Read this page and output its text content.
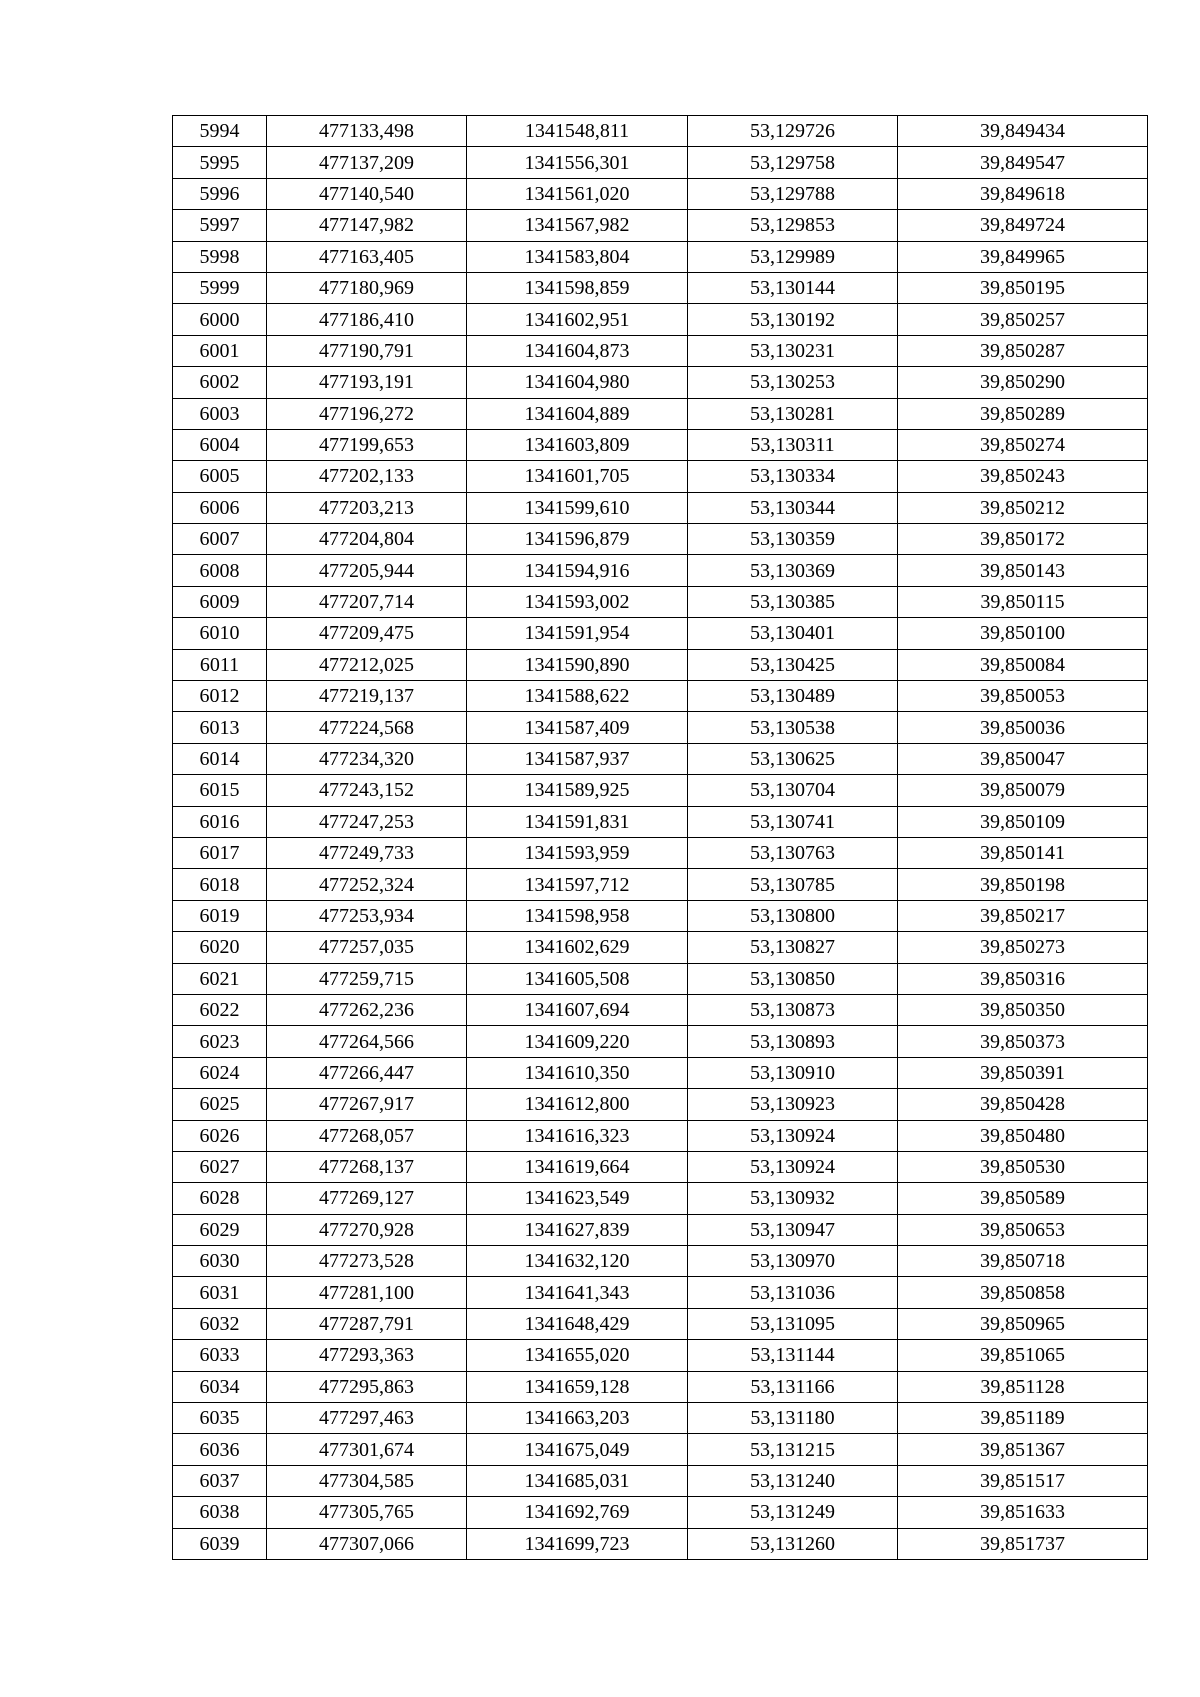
5994	477133,498	1341548,811	53,129726	39,849434
5995	477137,209	1341556,301	53,129758	39,849547
5996	477140,540	1341561,020	53,129788	39,849618
5997	477147,982	1341567,982	53,129853	39,849724
5998	477163,405	1341583,804	53,129989	39,849965
5999	477180,969	1341598,859	53,130144	39,850195
6000	477186,410	1341602,951	53,130192	39,850257
6001	477190,791	1341604,873	53,130231	39,850287
6002	477193,191	1341604,980	53,130253	39,850290
6003	477196,272	1341604,889	53,130281	39,850289
6004	477199,653	1341603,809	53,130311	39,850274
6005	477202,133	1341601,705	53,130334	39,850243
6006	477203,213	1341599,610	53,130344	39,850212
6007	477204,804	1341596,879	53,130359	39,850172
6008	477205,944	1341594,916	53,130369	39,850143
6009	477207,714	1341593,002	53,130385	39,850115
6010	477209,475	1341591,954	53,130401	39,850100
6011	477212,025	1341590,890	53,130425	39,850084
6012	477219,137	1341588,622	53,130489	39,850053
6013	477224,568	1341587,409	53,130538	39,850036
6014	477234,320	1341587,937	53,130625	39,850047
6015	477243,152	1341589,925	53,130704	39,850079
6016	477247,253	1341591,831	53,130741	39,850109
6017	477249,733	1341593,959	53,130763	39,850141
6018	477252,324	1341597,712	53,130785	39,850198
6019	477253,934	1341598,958	53,130800	39,850217
6020	477257,035	1341602,629	53,130827	39,850273
6021	477259,715	1341605,508	53,130850	39,850316
6022	477262,236	1341607,694	53,130873	39,850350
6023	477264,566	1341609,220	53,130893	39,850373
6024	477266,447	1341610,350	53,130910	39,850391
6025	477267,917	1341612,800	53,130923	39,850428
6026	477268,057	1341616,323	53,130924	39,850480
6027	477268,137	1341619,664	53,130924	39,850530
6028	477269,127	1341623,549	53,130932	39,850589
6029	477270,928	1341627,839	53,130947	39,850653
6030	477273,528	1341632,120	53,130970	39,850718
6031	477281,100	1341641,343	53,131036	39,850858
6032	477287,791	1341648,429	53,131095	39,850965
6033	477293,363	1341655,020	53,131144	39,851065
6034	477295,863	1341659,128	53,131166	39,851128
6035	477297,463	1341663,203	53,131180	39,851189
6036	477301,674	1341675,049	53,131215	39,851367
6037	477304,585	1341685,031	53,131240	39,851517
6038	477305,765	1341692,769	53,131249	39,851633
6039	477307,066	1341699,723	53,131260	39,851737
